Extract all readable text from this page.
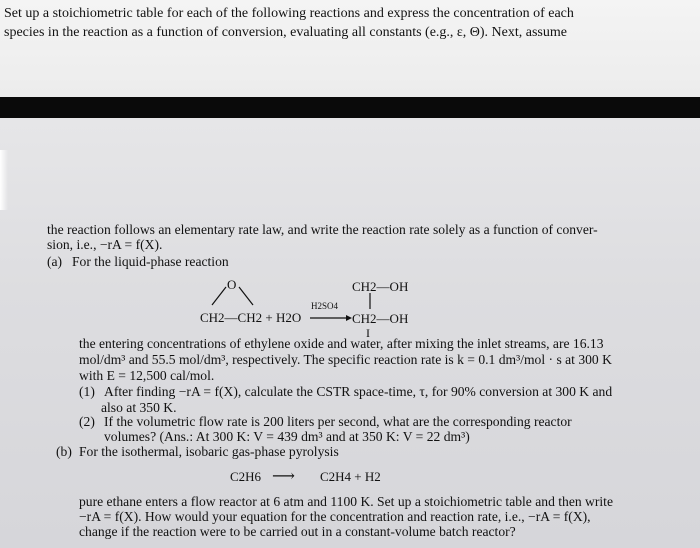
Set up a stoichiometric table for each of the following reactions and express the concentration of each
species in the reaction as a function of conversion, evaluating all constants (e.g., ε, Θ). Next, assume
the reaction follows an elementary rate law, and write the reaction rate solely as a function of conver-
sion, i.e., −rA = f(X).
(a) For the liquid-phase reaction
O
CH2—CH2 + H2O
H2SO4
CH2—OH
CH2—OH
I
the entering concentrations of ethylene oxide and water, after mixing the inlet streams, are 16.13
mol/dm³ and 55.5 mol/dm³, respectively. The specific reaction rate is k = 0.1 dm³/mol · s at 300 K
with E = 12,500 cal/mol.
(1) After finding −rA = f(X), calculate the CSTR space-time, τ, for 90% conversion at 300 K and
also at 350 K.
(2) If the volumetric flow rate is 200 liters per second, what are the corresponding reactor
volumes? (Ans.: At 300 K: V = 439 dm³ and at 350 K: V = 22 dm³)
(b) For the isothermal, isobaric gas-phase pyrolysis
C2H6 ⟶ C2H4 + H2
pure ethane enters a flow reactor at 6 atm and 1100 K. Set up a stoichiometric table and then write
−rA = f(X). How would your equation for the concentration and reaction rate, i.e., −rA = f(X),
change if the reaction were to be carried out in a constant-volume batch reactor?
